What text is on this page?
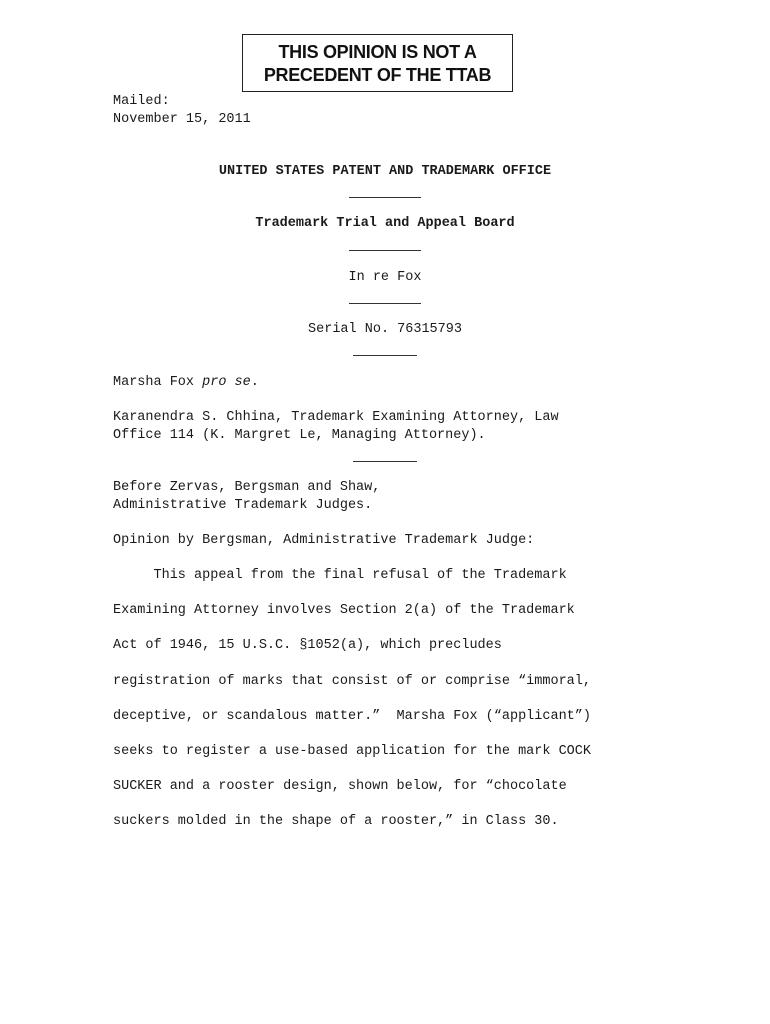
THIS OPINION IS NOT A
PRECEDENT OF THE TTAB
Mailed:
November 15, 2011
UNITED STATES PATENT AND TRADEMARK OFFICE
Trademark Trial and Appeal Board
In re Fox
Serial No. 76315793
Marsha Fox pro se.
Karanendra S. Chhina, Trademark Examining Attorney, Law
Office 114 (K. Margret Le, Managing Attorney).
Before Zervas, Bergsman and Shaw,
Administrative Trademark Judges.
Opinion by Bergsman, Administrative Trademark Judge:
This appeal from the final refusal of the Trademark
Examining Attorney involves Section 2(a) of the Trademark
Act of 1946, 15 U.S.C. §1052(a), which precludes
registration of marks that consist of or comprise “immoral,
deceptive, or scandalous matter.”  Marsha Fox (“applicant”)
seeks to register a use-based application for the mark COCK
SUCKER and a rooster design, shown below, for “chocolate
suckers molded in the shape of a rooster,” in Class 30.
